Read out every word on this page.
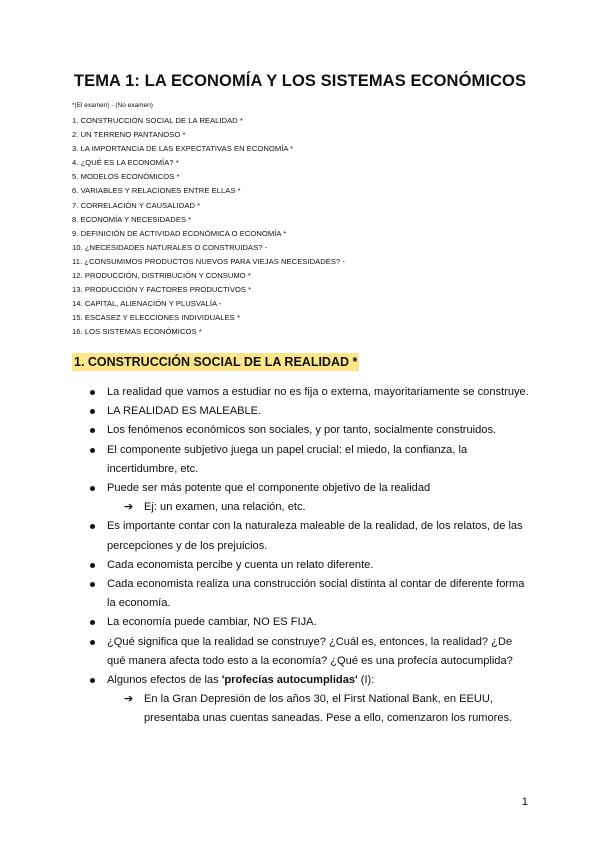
TEMA 1: LA ECONOMÍA Y LOS SISTEMAS ECONÓMICOS
*(El examen) - (No examen)
1. CONSTRUCCIÓN SOCIAL DE LA REALIDAD *
2. UN TERRENO PANTANOSO *
3. LA IMPORTANCIA DE LAS EXPECTATIVAS EN ECONOMÍA *
4. ¿QUÉ ES LA ECONOMÍA? *
5. MODELOS ECONÓMICOS *
6. VARIABLES Y RELACIONES ENTRE ELLAS *
7. CORRELACIÓN Y CAUSALIDAD *
8. ECONOMÍA Y NECESIDADES *
9. DEFINICIÓN DE ACTIVIDAD ECONÓMICA O ECONOMÍA *
10. ¿NECESIDADES NATURALES O CONSTRUIDAS? -
11. ¿CONSUMIMOS PRODUCTOS NUEVOS PARA VIEJAS NECESIDADES? -
12. PRODUCCIÓN, DISTRIBUCIÓN Y CONSUMO *
13. PRODUCCIÓN Y FACTORES PRODUCTIVOS *
14. CAPITAL, ALIENACIÓN Y PLUSVALÍA -
15. ESCASEZ Y ELECCIONES INDIVIDUALES *
16. LOS SISTEMAS ECONÓMICOS *
1. CONSTRUCCIÓN SOCIAL DE LA REALIDAD *
La realidad que vamos a estudiar no es fija o externa, mayoritariamente se construye.
LA REALIDAD ES MALEABLE.
Los fenómenos económicos son sociales, y por tanto, socialmente construidos.
El componente subjetivo juega un papel crucial: el miedo, la confianza, la incertidumbre, etc.
Puede ser más potente que el componente objetivo de la realidad
➔ Ej: un examen, una relación, etc.
Es importante contar con la naturaleza maleable de la realidad, de los relatos, de las percepciones y de los prejuicios.
Cada economista percibe y cuenta un relato diferente.
Cada economista realiza una construcción social distinta al contar de diferente forma la economía.
La economía puede cambiar, NO ES FIJA.
¿Qué significa que la realidad se construye? ¿Cuál es, entonces, la realidad? ¿De qué manera afecta todo esto a la economía? ¿Qué es una profecía autocumplida?
Algunos efectos de las 'profecías autocumplidas' (I):
➔ En la Gran Depresión de los años 30, el First National Bank, en EEUU, presentaba unas cuentas saneadas. Pese a ello, comenzaron los rumores.
1
